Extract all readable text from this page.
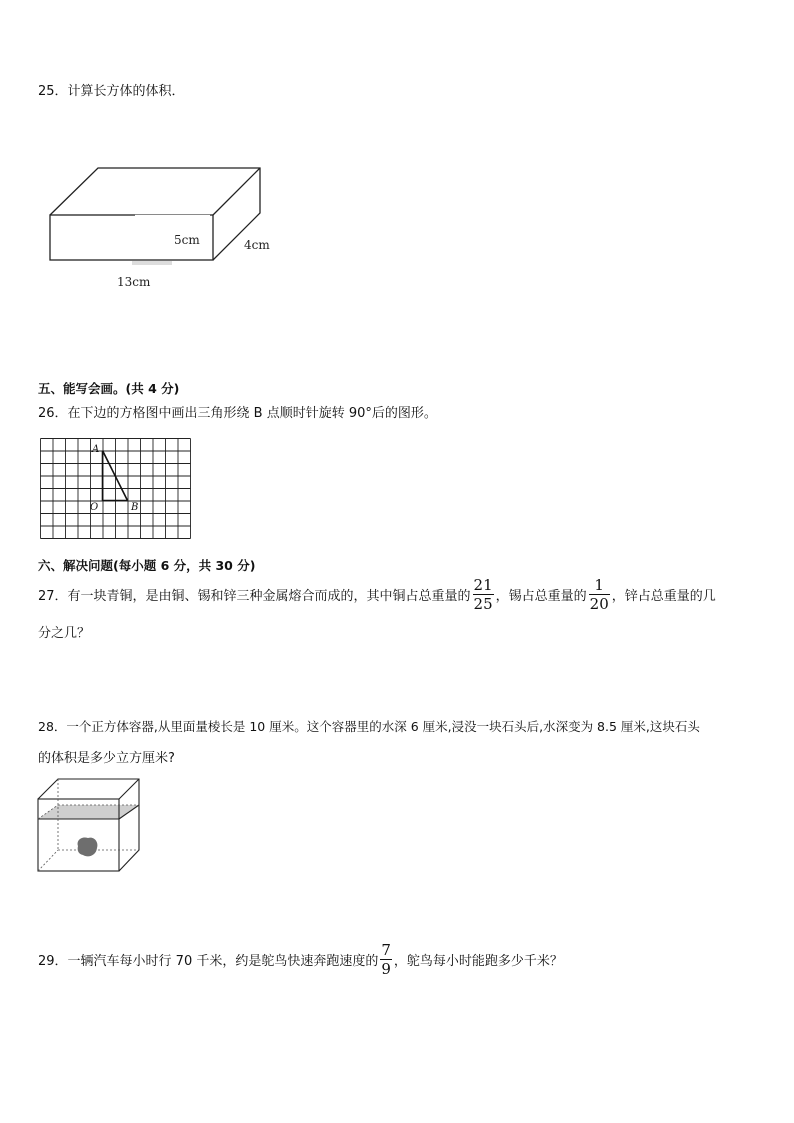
25．计算长方体的体积．
5cm	4cm
13cm
五、能写会画。(共 4 分)
26．在下边的方格图中画出三角形绕 B 点顺时针旋转 90°后的图形。
A
O	B
六、解决问题(每小题 6 分，共 30 分)
27．有一块青铜，是由铜、锡和锌三种金属熔合而成的，其中铜占总重量的 $\frac{21}{25}$ ，锡占总重量的 $\frac{1}{20}$ ，锌占总重量的几
分之几？
28．一个正方体容器,从里面量棱长是 10 厘米。这个容器里的水深 6 厘米,浸没一块石头后,水深变为 8.5 厘米,这块石头
的体积是多少立方厘米?
29．一辆汽车每小时行 70 千米，约是鸵鸟快速奔跑速度的 $\frac{7}{9}$ ，鸵鸟每小时能跑多少千米？
